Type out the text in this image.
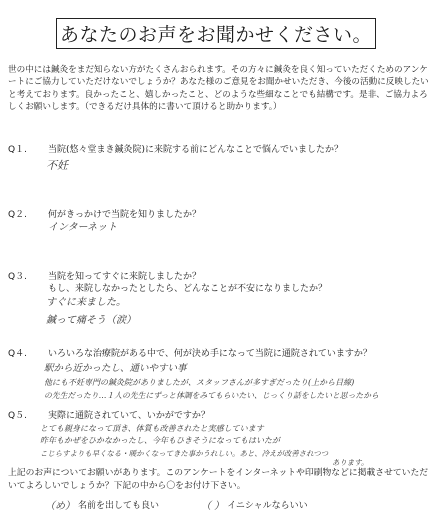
あなたのお声をお聞かせください。

世の中には鍼灸をまだ知らない方がたくさんおられます。その方々に鍼灸を良く知っていただくためのアンケートにご協力していただけないでしょうか？あなた様のご意見をお聞かせいただき、今後の活動に反映したいと考えております。良かったこと、嬉しかったこと、どのような些細なことでも結構です。是非、ご協力よろしくお願いします。（できるだけ具体的に書いて頂けると助かります。）

Q１. 当院(悠々堂まき鍼灸院)に来院する前にどんなことで悩んでいましたか？
不妊
Q２. 何がきっかけで当院を知りましたか？
インターネット
Q３. 当院を知ってすぐに来院しましたか？
もし、来院しなかったとしたら、どんなことが不安になりましたか？
すぐに来ました。
鍼って痛そう（涙）
Q４. いろいろな治療院がある中で、何が決め手になって当院に通院されていますか？
駅から近かったし、通いやすい事
他にも不妊専門の鍼灸院がありましたが、スタッフさんが多すぎだったり(上から目線)
の先生だったり…１人の先生にずっと体調をみてもらいたい、じっくり話をしたいと思ったから
Q５. 実際に通院されていて、いかがですか？
とても親身になって頂き、体質も改善されたと実感しています
昨年もかぜをひかなかったし、今年もひきそうになってもはいたが
こじらすよりも早くなる・暖かくなってきた事かうれしい。あと、冷えが改善されつつ
あります。

上記のお声についてお願いがあります。このアンケートをインターネットや印刷物などに掲載させていただいてよろしいでしょうか？下記の中から〇をお付け下さい。

（め） 名前を出しても良い	（ ） イニシャルならいい
